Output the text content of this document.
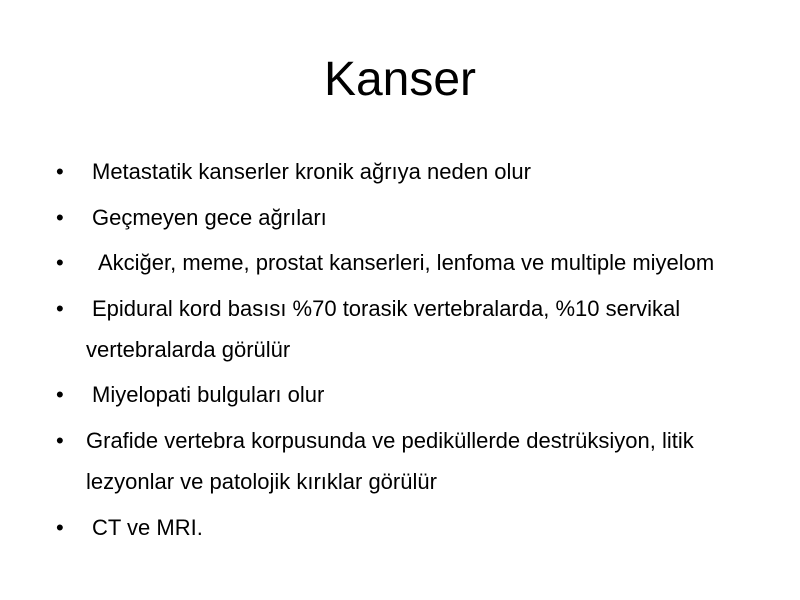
Kanser
• Metastatik kanserler kronik ağrıya neden olur
• Geçmeyen gece ağrıları
•	Akciğer, meme, prostat kanserleri, lenfoma ve multiple miyelom
• Epidural kord basısı %70 torasik vertebralarda, %10 servikal vertebralarda görülür
• Miyelopati bulguları olur
• Grafide vertebra korpusunda ve pediküllerde destrüksiyon, litik lezyonlar ve patolojik kırıklar görülür
• CT ve MRI.
